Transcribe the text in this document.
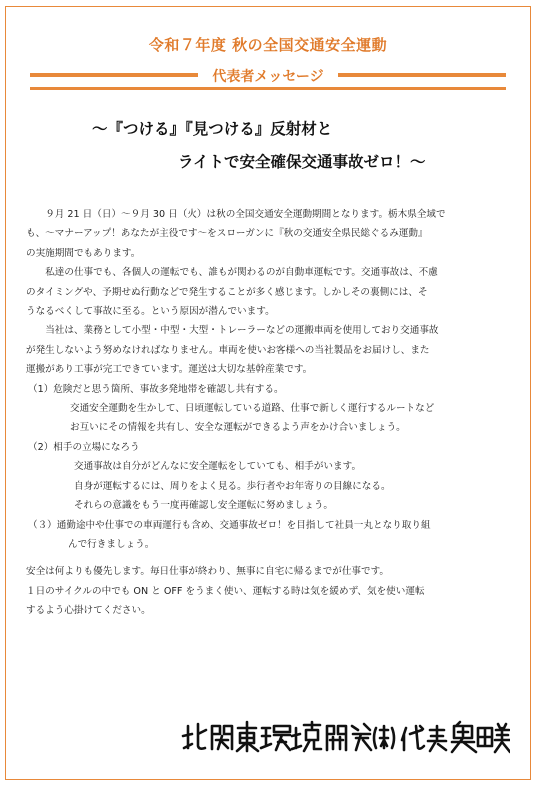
令和７年度 秋の全国交通安全運動
代表者メッセージ
～『つける』『見つける』反射材と
ライトで安全確保交通事故ゼロ！～

９月 21 日（日）～９月 30 日（火）は秋の全国交通安全運動期間となります。栃木県全域で

も、～マナーアップ！あなたが主役です～をスローガンに『秋の交通安全県民総ぐるみ運動』

の実施期間でもあります。

私達の仕事でも、各個人の運転でも、誰もが関わるのが自動車運転です。交通事故は、不慮

のタイミングや、予期せぬ行動などで発生することが多く感じます。しかしその裏側には、そ

うなるべくして事故に至る。という原因が潜んでいます。

当社は、業務として小型・中型・大型・トレーラーなどの運搬車両を使用しており交通事故

が発生しないよう努めなければなりません。車両を使いお客様への当社製品をお届けし、また

運搬があり工事が完工できています。運送は大切な基幹産業です。

（1）危険だと思う箇所、事故多発地帯を確認し共有する。

交通安全運動を生かして、日頃運転している道路、仕事で新しく運行するルートなど

お互いにその情報を共有し、安全な運転ができるよう声をかけ合いましょう。

（2）相手の立場になろう

交通事故は自分がどんなに安全運転をしていても、相手がいます。

自身が運転するには、周りをよく見る。歩行者やお年寄りの目線になる。

それらの意識をもう一度再確認し安全運転に努めましょう。

（３）通勤途中や仕事での車両運行も含め、交通事故ゼロ！を目指して社員一丸となり取り組

んで行きましょう。

安全は何よりも優先します。毎日仕事が終わり、無事に自宅に帰るまでが仕事です。

１日のサイクルの中でも ON と OFF をうまく使い、運転する時は気を緩めず、気を使い運転

するよう心掛けてください。
